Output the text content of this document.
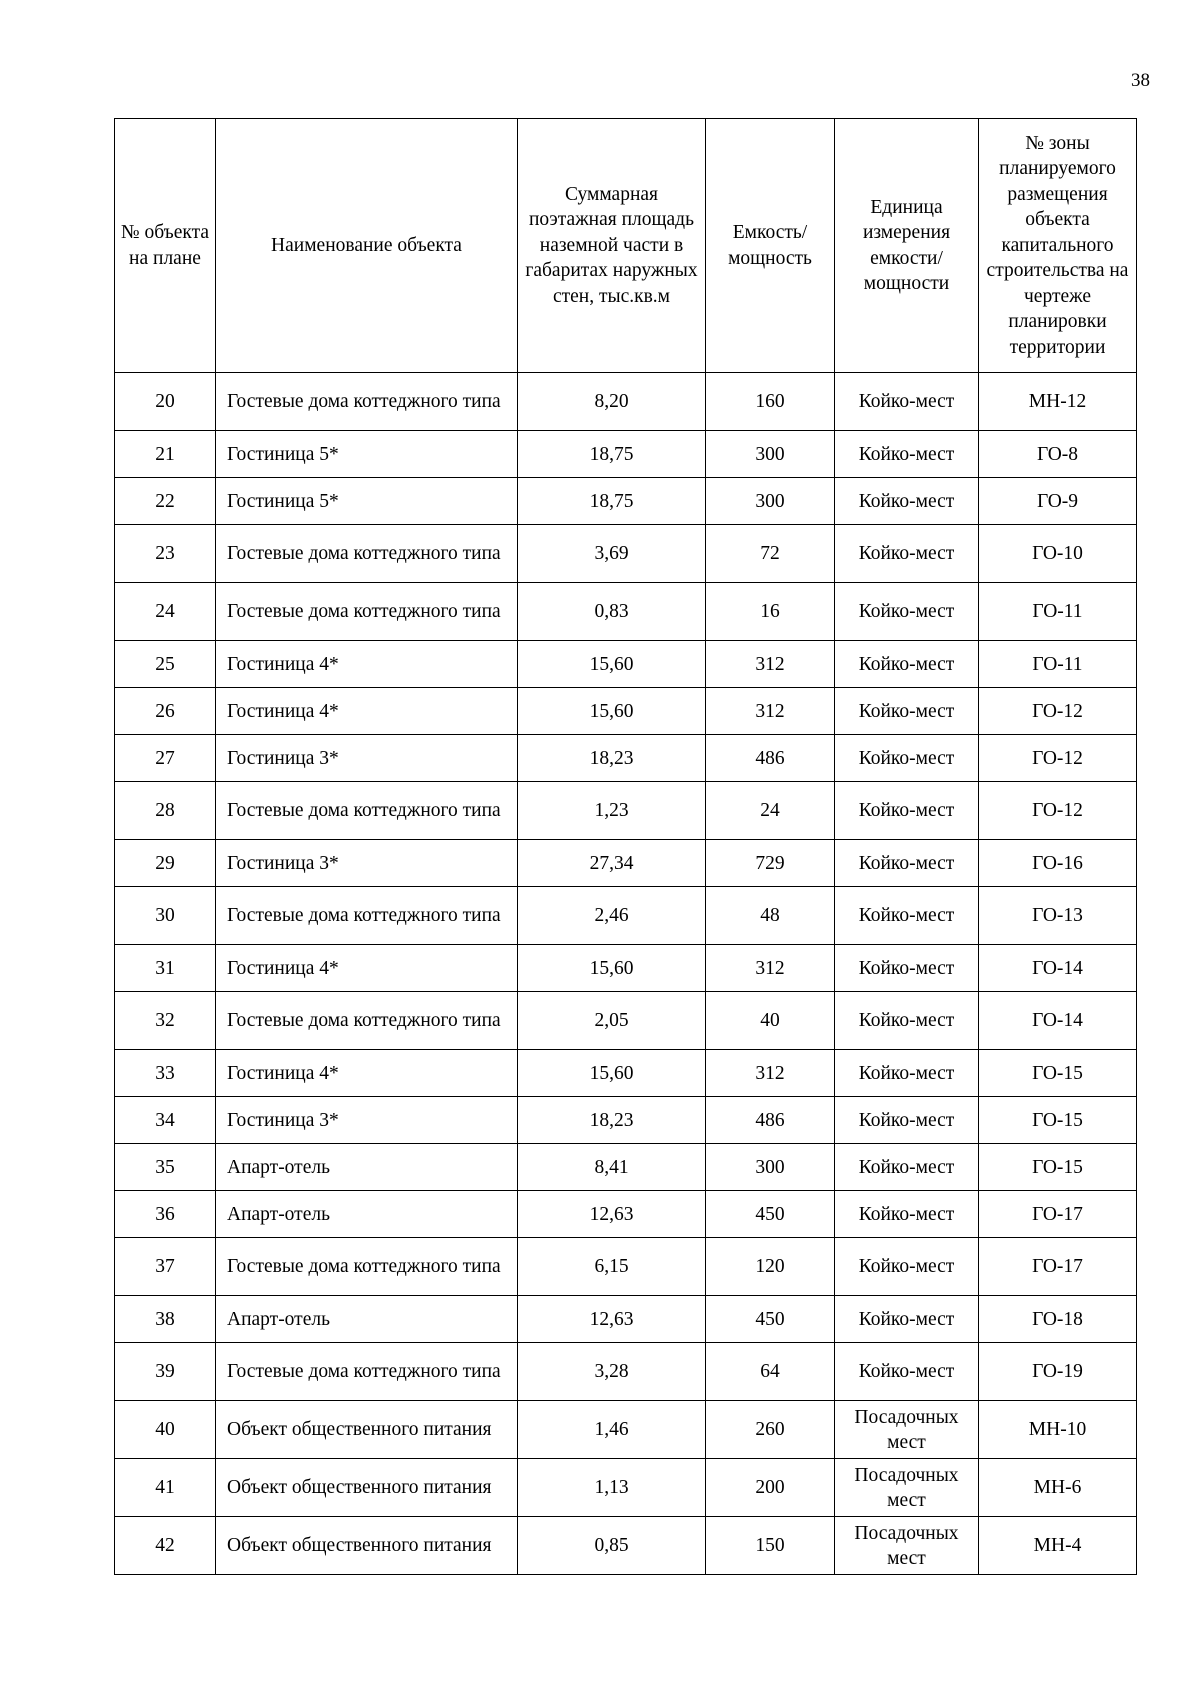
38
№ объекта на плане	Наименование объекта	Суммарная поэтажная площадь наземной части в габаритах наружных стен, тыс.кв.м	Емкость/ мощность	Единица измерения емкости/ мощности	№ зоны планируемого размещения объекта капитального строительства на чертеже планировки территории
20	Гостевые дома коттеджного типа	8,20	160	Койко-мест	МН-12
21	Гостиница 5*	18,75	300	Койко-мест	ГО-8
22	Гостиница 5*	18,75	300	Койко-мест	ГО-9
23	Гостевые дома коттеджного типа	3,69	72	Койко-мест	ГО-10
24	Гостевые дома коттеджного типа	0,83	16	Койко-мест	ГО-11
25	Гостиница 4*	15,60	312	Койко-мест	ГО-11
26	Гостиница 4*	15,60	312	Койко-мест	ГО-12
27	Гостиница 3*	18,23	486	Койко-мест	ГО-12
28	Гостевые дома коттеджного типа	1,23	24	Койко-мест	ГО-12
29	Гостиница 3*	27,34	729	Койко-мест	ГО-16
30	Гостевые дома коттеджного типа	2,46	48	Койко-мест	ГО-13
31	Гостиница 4*	15,60	312	Койко-мест	ГО-14
32	Гостевые дома коттеджного типа	2,05	40	Койко-мест	ГО-14
33	Гостиница 4*	15,60	312	Койко-мест	ГО-15
34	Гостиница 3*	18,23	486	Койко-мест	ГО-15
35	Апарт-отель	8,41	300	Койко-мест	ГО-15
36	Апарт-отель	12,63	450	Койко-мест	ГО-17
37	Гостевые дома коттеджного типа	6,15	120	Койко-мест	ГО-17
38	Апарт-отель	12,63	450	Койко-мест	ГО-18
39	Гостевые дома коттеджного типа	3,28	64	Койко-мест	ГО-19
40	Объект общественного питания	1,46	260	Посадочных мест	МН-10
41	Объект общественного питания	1,13	200	Посадочных мест	МН-6
42	Объект общественного питания	0,85	150	Посадочных мест	МН-4
